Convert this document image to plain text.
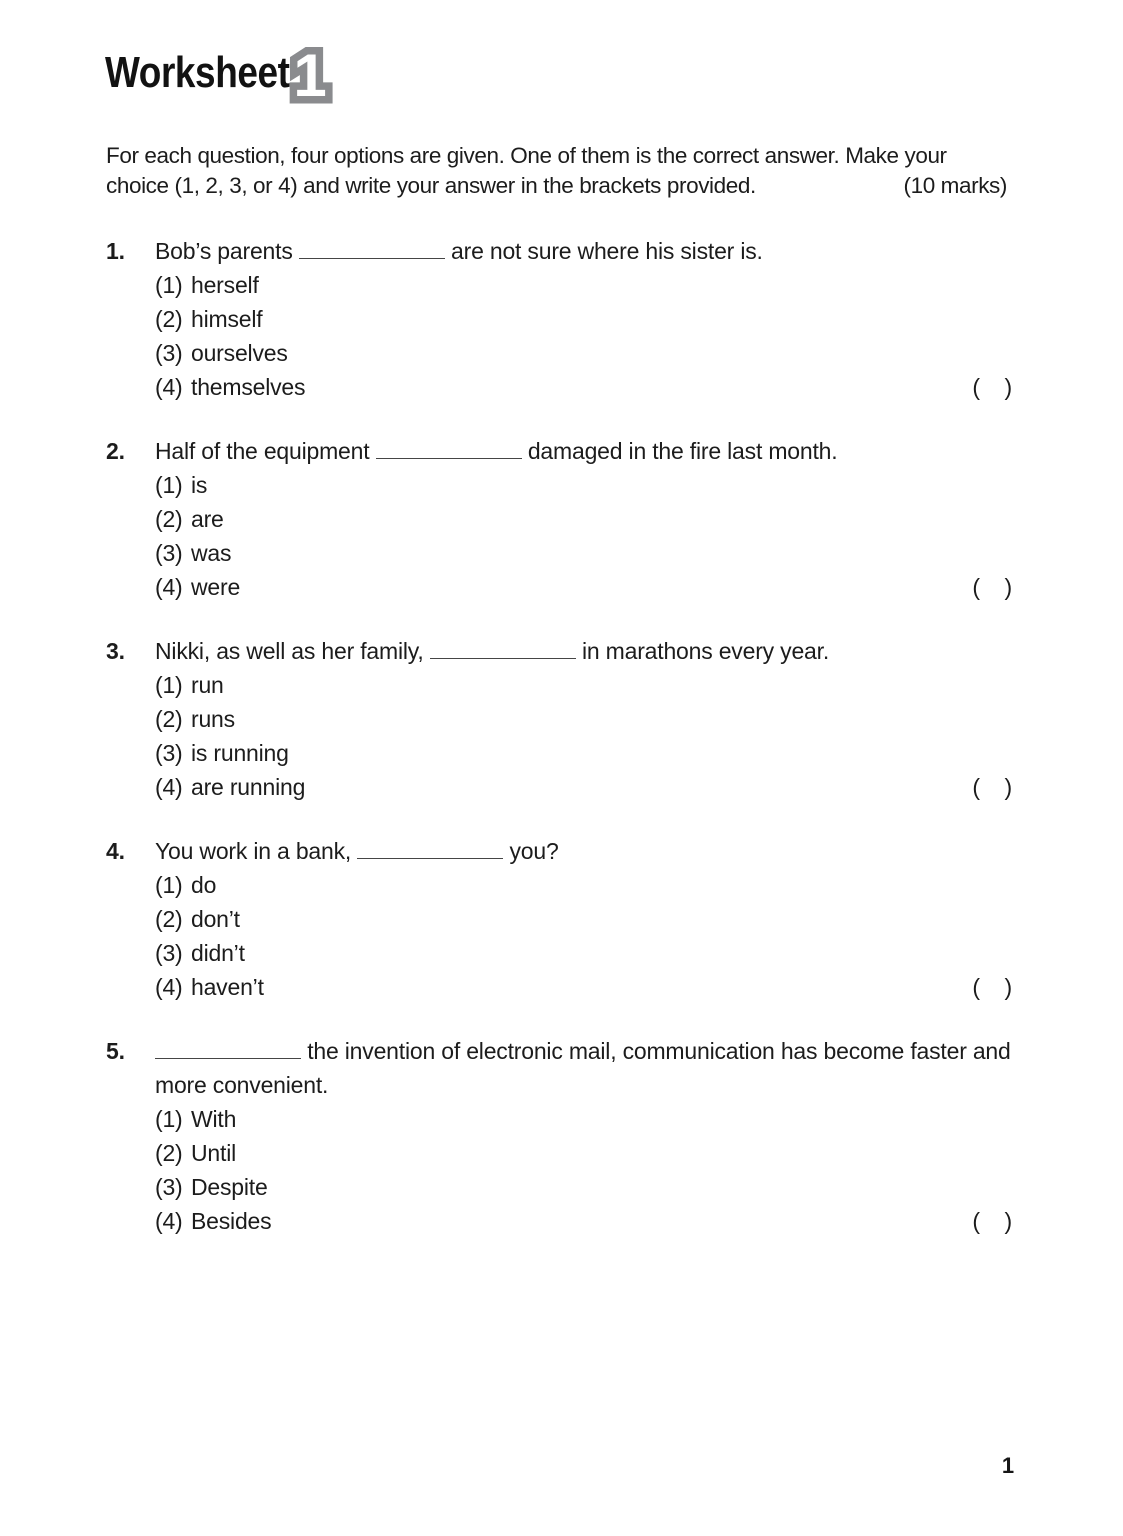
Worksheet 1
For each question, four options are given. One of them is the correct answer. Make your
choice (1, 2, 3, or 4) and write your answer in the brackets provided.	(10 marks)
1.	Bob’s parents	are not sure where his sister is.
(1) herself
(2) himself
(3) ourselves
(4) themselves	(    )
2.	Half of the equipment	damaged in the fire last month.
(1) is
(2) are
(3) was
(4) were	(    )
3.	Nikki, as well as her family,	in marathons every year.
(1) run
(2) runs
(3) is running
(4) are running	(    )
4.	You work in a bank,	you?
(1) do
(2) don’t
(3) didn’t
(4) haven’t	(    )
5.	the invention of electronic mail, communication has become faster and more convenient.
(1) With
(2) Until
(3) Despite
(4) Besides	(    )
1
